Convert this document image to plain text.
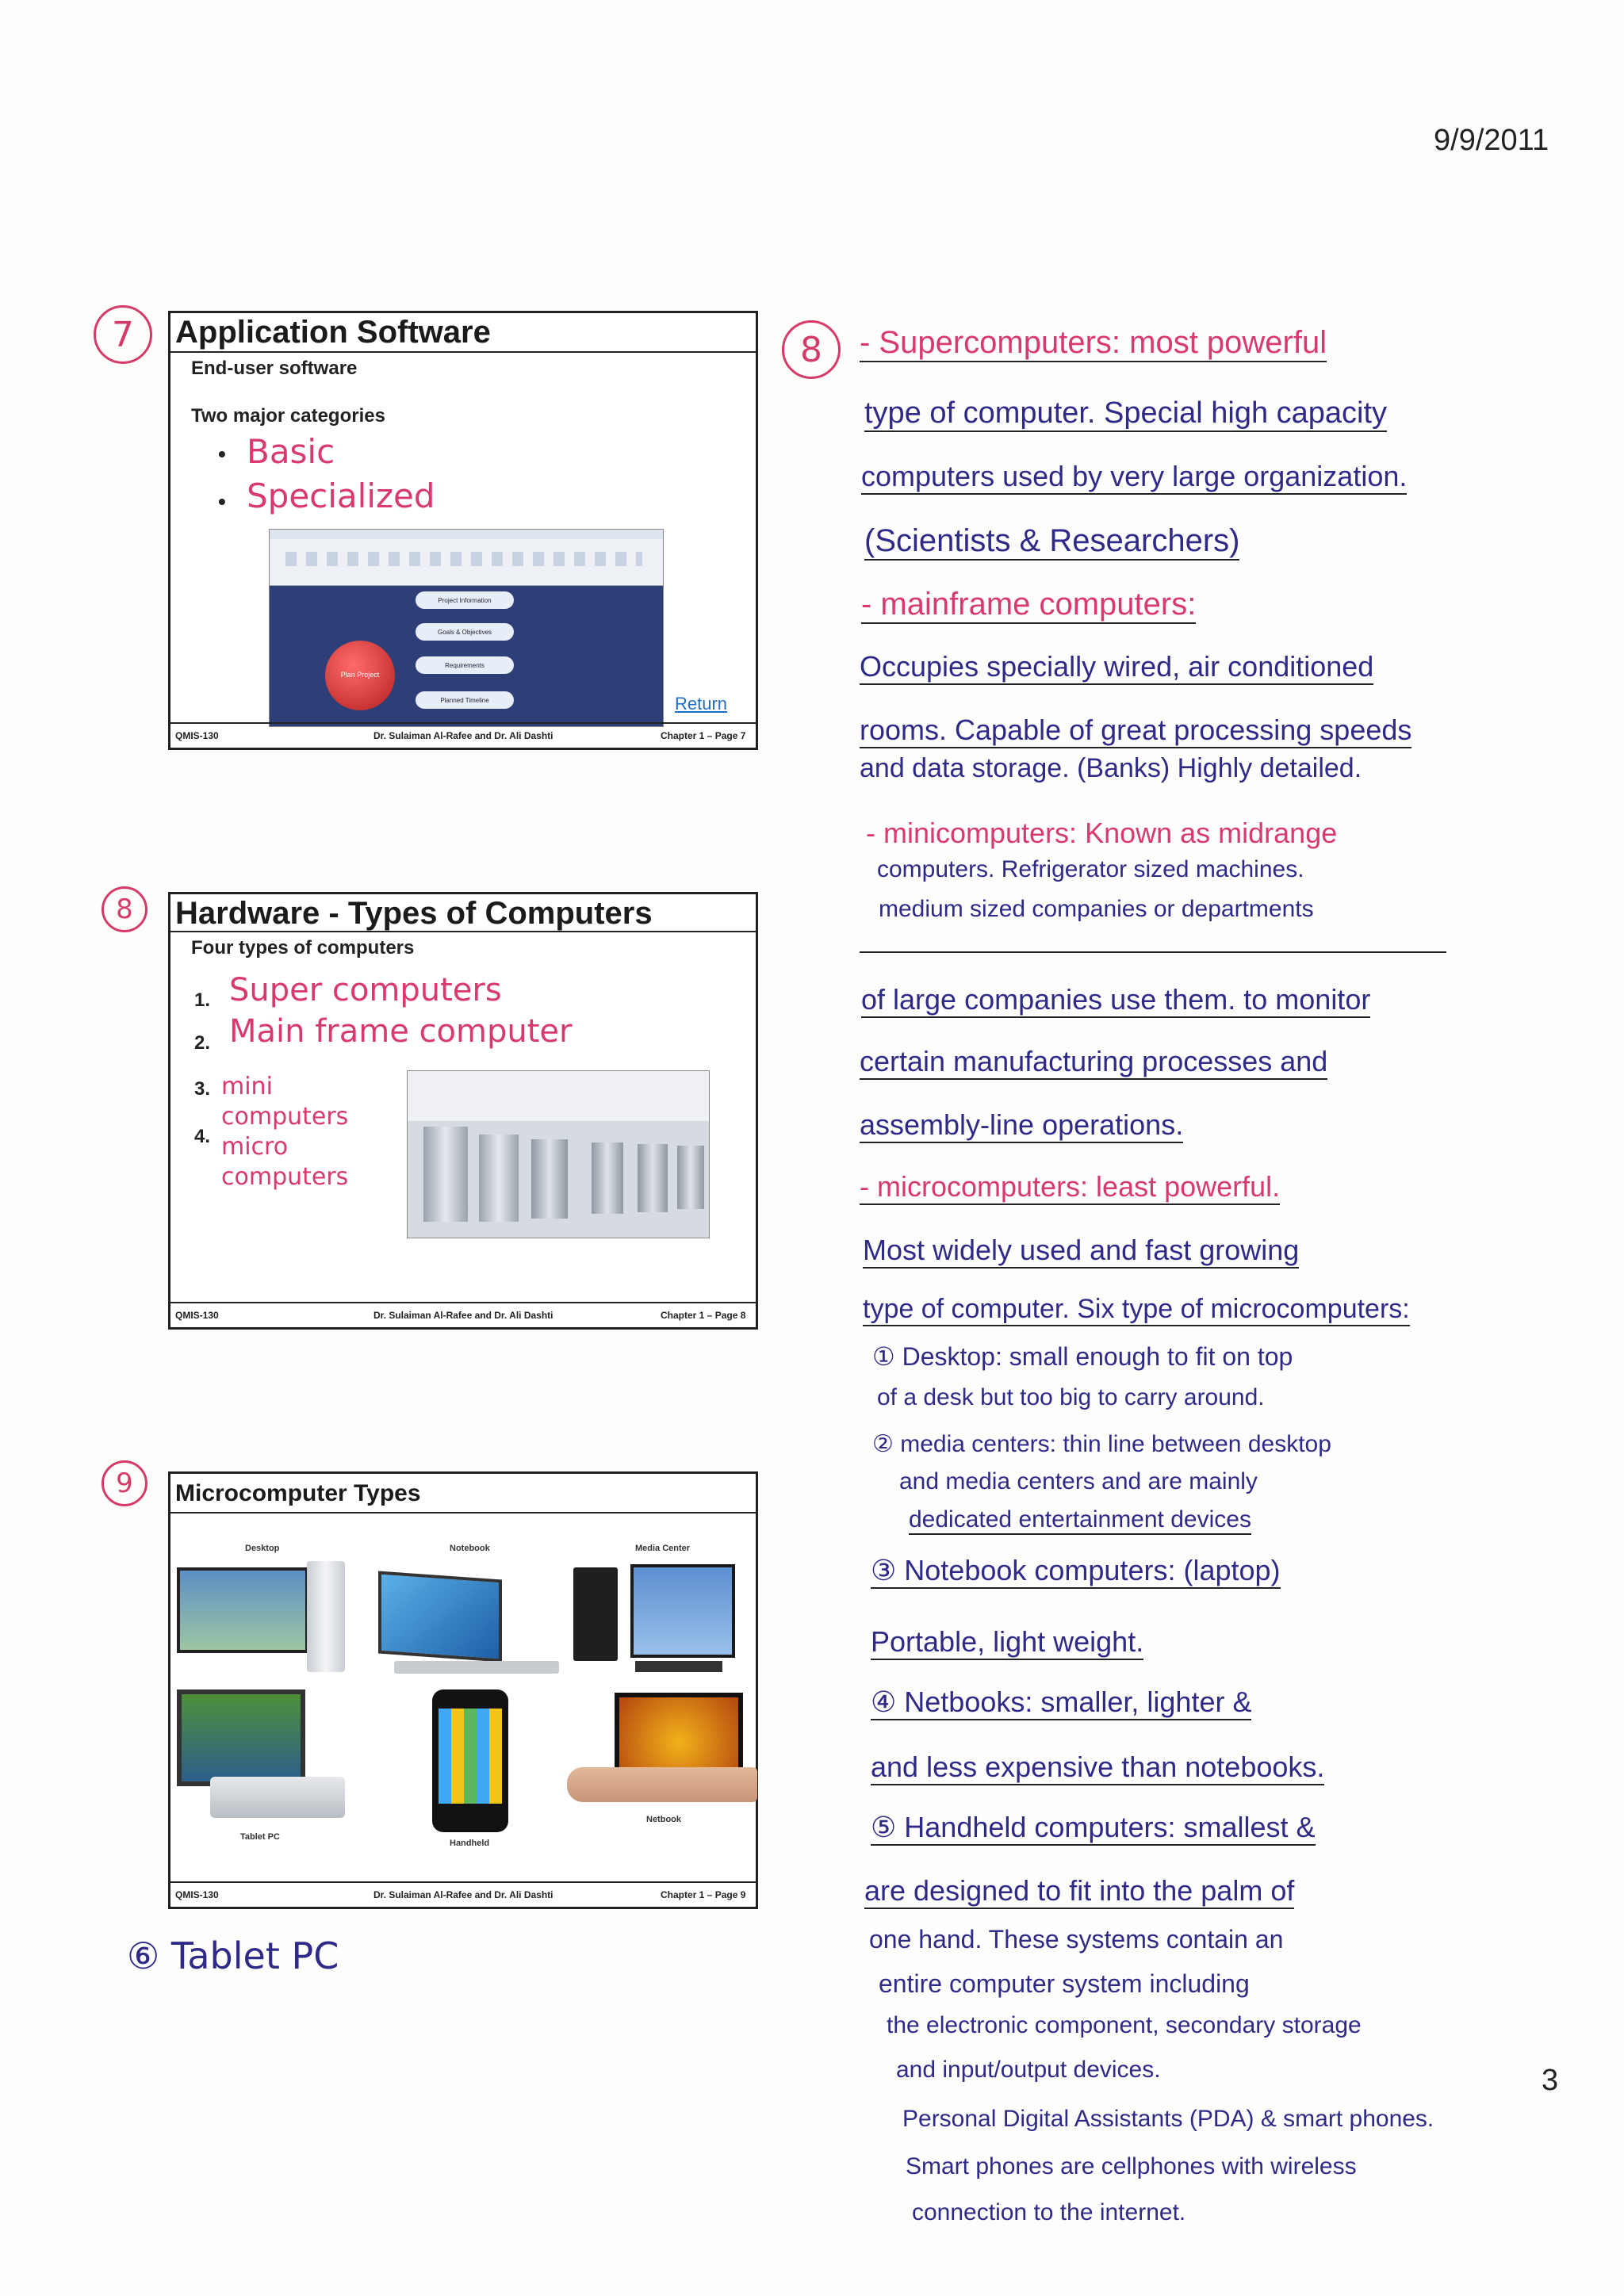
9/9/2011
7	Application Software
End-user software
Two major categories
• Basic
• Specialized
Plan Project
Project Information
Goals & Objectives
Requirements
Planned Timeline	Return
QMIS-130	Dr. Sulaiman Al-Rafee and Dr. Ali Dashti	Chapter 1 – Page 7
8	Hardware - Types of Computers
Four types of computers
1. Super computers
2. Main frame computer
3. mini computers
4. micro computers
QMIS-130	Dr. Sulaiman Al-Rafee and Dr. Ali Dashti	Chapter 1 – Page 8
9	Microcomputer Types
Desktop	Notebook	Media Center
Tablet PC
Handheld
Netbook
QMIS-130	Dr. Sulaiman Al-Rafee and Dr. Ali Dashti	Chapter 1 – Page 9
⑥ Tablet PC
8	- Supercomputers: most powerful
type of computer. Special high capacity
computers used by very large organization.
(Scientists & Researchers)
- mainframe computers:
Occupies specially wired, air conditioned
rooms. Capable of great processing speeds
and data storage. (Banks) Highly detailed.
- minicomputers: Known as midrange
computers. Refrigerator sized machines.
medium sized companies or departments
of large companies use them. to monitor
certain manufacturing processes and
assembly-line operations.
- microcomputers: least powerful.
Most widely used and fast growing
type of computer. Six type of microcomputers:
① Desktop: small enough to fit on top
of a desk but too big to carry around.
② media centers: thin line between desktop
and media centers and are mainly
dedicated entertainment devices
③ Notebook computers: (laptop)
Portable, light weight.
④ Netbooks: smaller, lighter &
and less expensive than notebooks.
⑤ Handheld computers: smallest &
are designed to fit into the palm of
one hand. These systems contain an
entire computer system including
the electronic component, secondary storage
and input/output devices.
Personal Digital Assistants (PDA) & smart phones.
Smart phones are cellphones with wireless
connection to the internet.
3
